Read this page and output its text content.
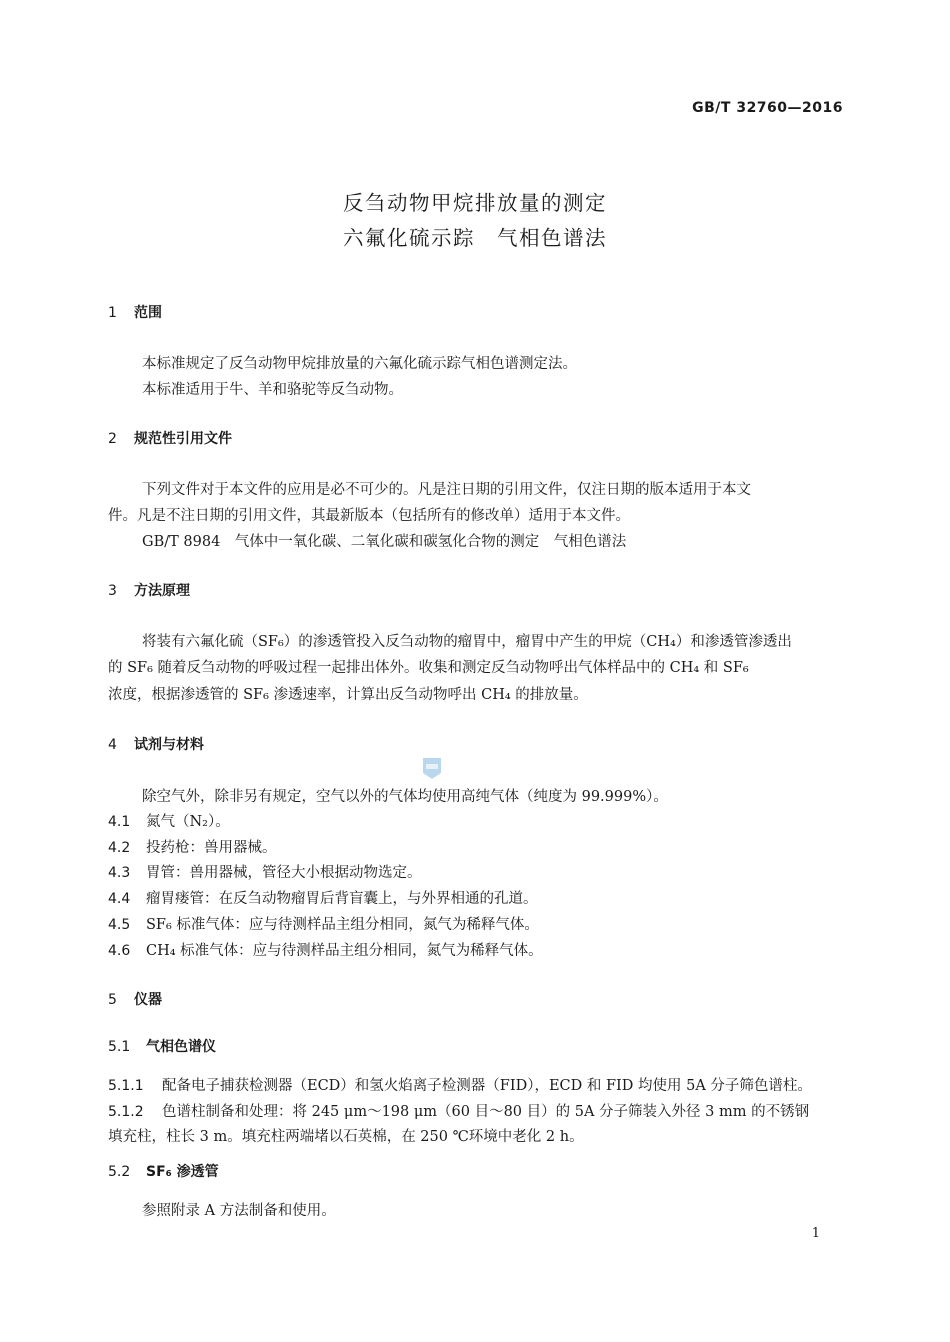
GB/T 32760—2016
反刍动物甲烷排放量的测定
六氟化硫示踪　气相色谱法
1 范围
本标准规定了反刍动物甲烷排放量的六氟化硫示踪气相色谱测定法。
本标准适用于牛、羊和骆驼等反刍动物。
2 规范性引用文件
下列文件对于本文件的应用是必不可少的。凡是注日期的引用文件，仅注日期的版本适用于本文
件。凡是不注日期的引用文件，其最新版本（包括所有的修改单）适用于本文件。
GB/T 8984　气体中一氧化碳、二氧化碳和碳氢化合物的测定　气相色谱法
3 方法原理
将装有六氟化硫（SF₆）的渗透管投入反刍动物的瘤胃中，瘤胃中产生的甲烷（CH₄）和渗透管渗透出
的 SF₆ 随着反刍动物的呼吸过程一起排出体外。收集和测定反刍动物呼出气体样品中的 CH₄ 和 SF₆
浓度，根据渗透管的 SF₆ 渗透速率，计算出反刍动物呼出 CH₄ 的排放量。
4 试剂与材料
除空气外，除非另有规定，空气以外的气体均使用高纯气体（纯度为 99.999%）。
4.1 氮气（N₂）。
4.2 投药枪：兽用器械。
4.3 胃管：兽用器械，管径大小根据动物选定。
4.4 瘤胃瘘管：在反刍动物瘤胃后背盲囊上，与外界相通的孔道。
4.5 SF₆ 标准气体：应与待测样品主组分相同，氮气为稀释气体。
4.6 CH₄ 标准气体：应与待测样品主组分相同，氮气为稀释气体。
5 仪器
5.1 气相色谱仪
5.1.1 配备电子捕获检测器（ECD）和氢火焰离子检测器（FID），ECD 和 FID 均使用 5A 分子筛色谱柱。
5.1.2 色谱柱制备和处理：将 245 μm～198 μm（60 目～80 目）的 5A 分子筛装入外径 3 mm 的不锈钢
填充柱，柱长 3 m。填充柱两端堵以石英棉，在 250 ℃环境中老化 2 h。
5.2 SF₆ 渗透管
参照附录 A 方法制备和使用。
1
